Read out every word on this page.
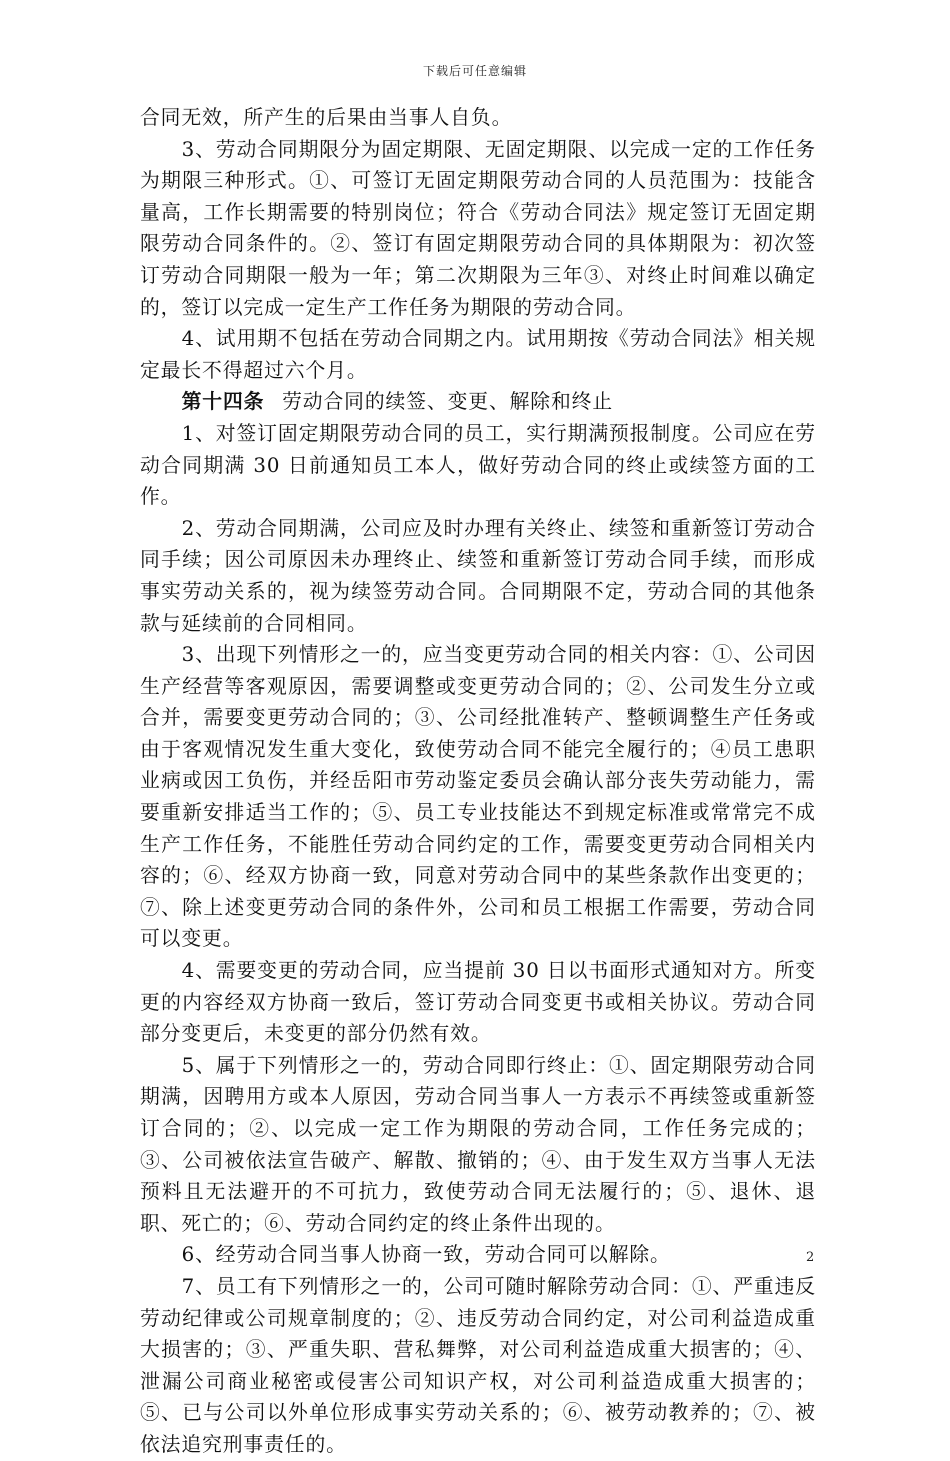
下载后可任意编辑

合同无效，所产生的后果由当事人自负。

3、劳动合同期限分为固定期限、无固定期限、以完成一定的工作任务为期限三种形式。①、可签订无固定期限劳动合同的人员范围为：技能含量高，工作长期需要的特别岗位；符合《劳动合同法》规定签订无固定期限劳动合同条件的。②、签订有固定期限劳动合同的具体期限为：初次签订劳动合同期限一般为一年；第二次期限为三年③、对终止时间难以确定的，签订以完成一定生产工作任务为期限的劳动合同。

4、试用期不包括在劳动合同期之内。试用期按《劳动合同法》相关规定最长不得超过六个月。

第十四条 劳动合同的续签、变更、解除和终止

1、对签订固定期限劳动合同的员工，实行期满预报制度。公司应在劳动合同期满 30 日前通知员工本人，做好劳动合同的终止或续签方面的工作。

2、劳动合同期满，公司应及时办理有关终止、续签和重新签订劳动合同手续；因公司原因未办理终止、续签和重新签订劳动合同手续，而形成事实劳动关系的，视为续签劳动合同。合同期限不定，劳动合同的其他条款与延续前的合同相同。

3、出现下列情形之一的，应当变更劳动合同的相关内容：①、公司因生产经营等客观原因，需要调整或变更劳动合同的；②、公司发生分立或合并，需要变更劳动合同的；③、公司经批准转产、整顿调整生产任务或由于客观情况发生重大变化，致使劳动合同不能完全履行的；④员工患职业病或因工负伤，并经岳阳市劳动鉴定委员会确认部分丧失劳动能力，需要重新安排适当工作的；⑤、员工专业技能达不到规定标准或常常完不成生产工作任务，不能胜任劳动合同约定的工作，需要变更劳动合同相关内容的；⑥、经双方协商一致，同意对劳动合同中的某些条款作出变更的；⑦、除上述变更劳动合同的条件外，公司和员工根据工作需要，劳动合同可以变更。

4、需要变更的劳动合同，应当提前 30 日以书面形式通知对方。所变更的内容经双方协商一致后，签订劳动合同变更书或相关协议。劳动合同部分变更后，未变更的部分仍然有效。

5、属于下列情形之一的，劳动合同即行终止：①、固定期限劳动合同期满，因聘用方或本人原因，劳动合同当事人一方表示不再续签或重新签订合同的；②、以完成一定工作为期限的劳动合同，工作任务完成的；③、公司被依法宣告破产、解散、撤销的；④、由于发生双方当事人无法预料且无法避开的不可抗力，致使劳动合同无法履行的；⑤、退休、退职、死亡的；⑥、劳动合同约定的终止条件出现的。

6、经劳动合同当事人协商一致，劳动合同可以解除。

7、员工有下列情形之一的，公司可随时解除劳动合同：①、严重违反劳动纪律或公司规章制度的；②、违反劳动合同约定，对公司利益造成重大损害的；③、严重失职、营私舞弊，对公司利益造成重大损害的；④、泄漏公司商业秘密或侵害公司知识产权，对公司利益造成重大损害的；⑤、已与公司以外单位形成事实劳动关系的；⑥、被劳动教养的；⑦、被依法追究刑事责任的。

2
